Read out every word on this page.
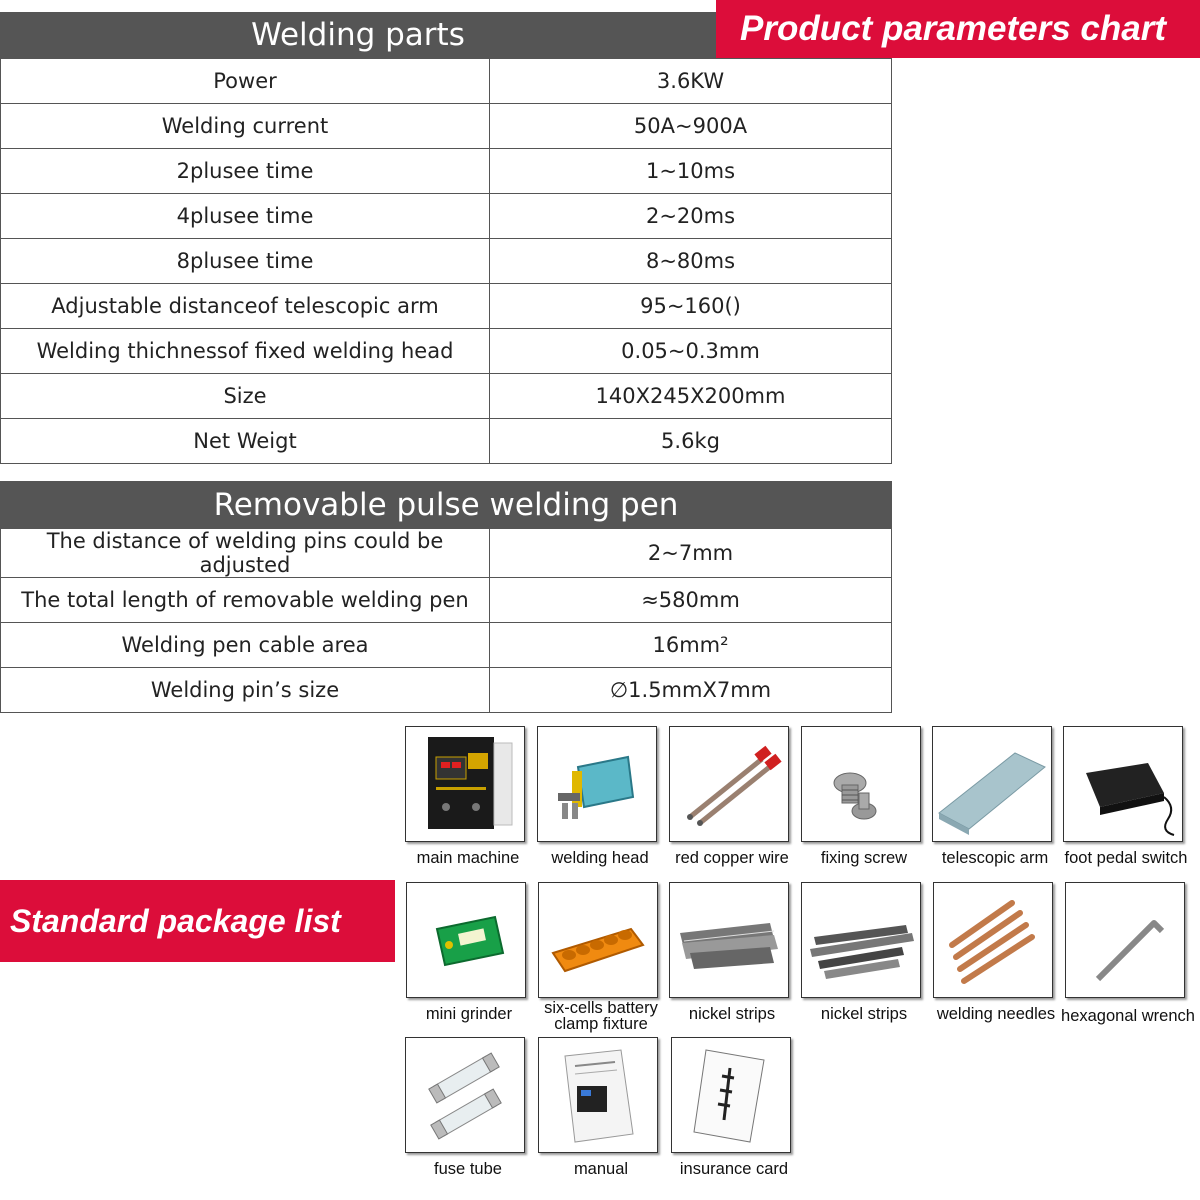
Product parameters chart
Welding parts
Power	3.6KW
Welding current	50A~900A
2plusee time	1~10ms
4plusee time	2~20ms
8plusee time	8~80ms
Adjustable distanceof telescopic arm	95~160()
Welding thichnessof fixed welding head	0.05~0.3mm
Size	140X245X200mm
Net Weigt	5.6kg
Removable pulse welding pen
The distance of welding pins could be adjusted	2~7mm
The total length of removable welding pen	≈580mm
Welding pen cable area	16mm²
Welding pin’s size	∅1.5mmX7mm
Standard package list
main machine	welding head	red copper wire	fixing screw	telescopic arm foot pedal switch
mini grinder	six-cells battery clamp fixture
nickel strips	nickel strips	welding needles hexagonal wrench
fuse tube	manual	insurance card
